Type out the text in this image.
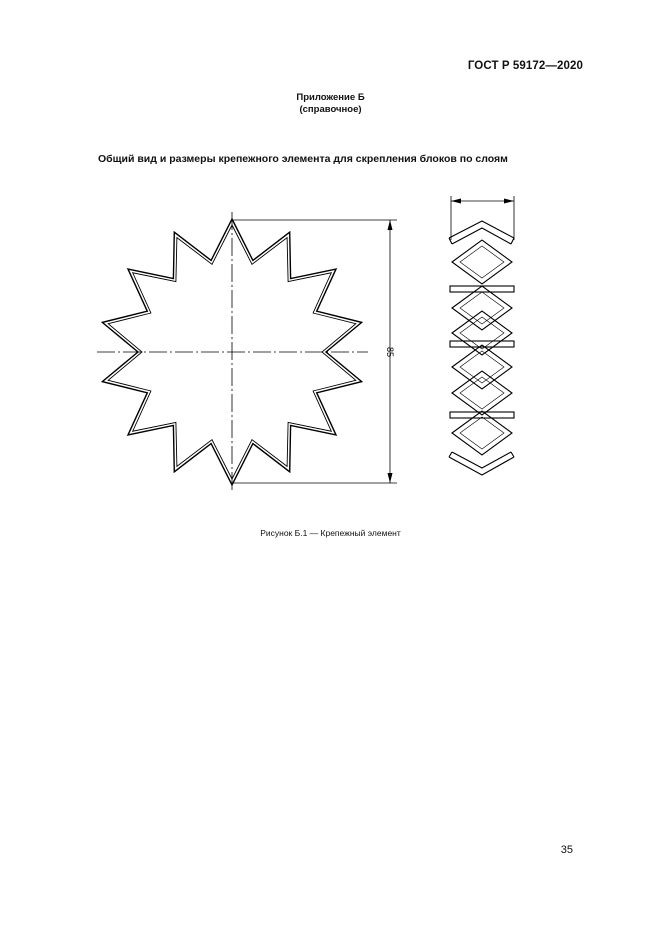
ГОСТ Р 59172—2020
Приложение Б
(справочное)
Общий вид и размеры крепежного элемента для скрепления блоков по слоям
85
Рисунок Б.1 — Крепежный элемент
35
